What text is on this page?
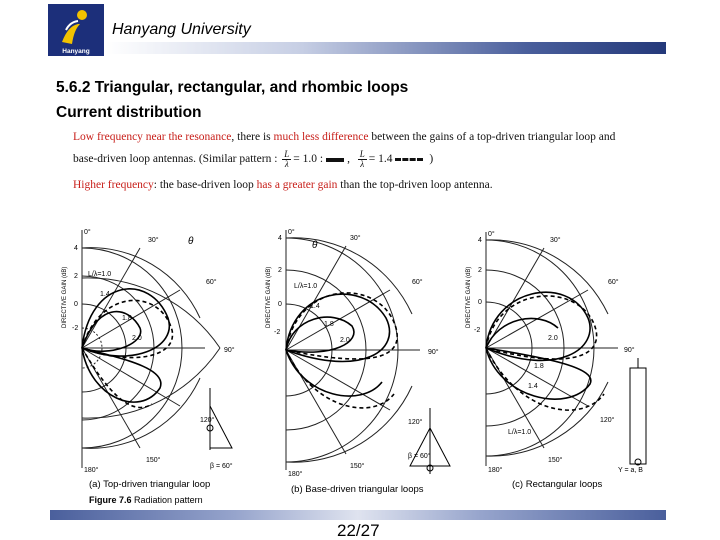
Hanyang
Hanyang University
5.6.2 Triangular, rectangular, and rhombic loops
Current distribution
Low frequency near the resonance, there is much less difference between the gains of a top-driven triangular loop and
base-driven loop antennas. (Similar pattern : $\frac{L}{\lambda} = 1.0$ : , $\frac{L}{\lambda} = 1.4$	)
Higher frequency: the base-driven loop has a greater gain than the top-driven loop antenna.
0°
30°
60°
90°
120°
150°
180°
4
2
0
-2
L/λ=1.0
1.4
1.8
2.0
θ
β = 60°
DIRECTIVE GAIN (dB)
0°
30°
60°
90°
120°
150°
180°
4
2
0
-2
L/λ=1.0
1.4
1.8
2.0
θ
β = 60°
DIRECTIVE GAIN (dB)
0°
30°
60°
90°
120°
150°
180°
4
2
0
-2
2.0
1.8
1.4
L/λ=1.0
Y = a, B
DIRECTIVE GAIN (dB)
(a) Top-driven triangular loop	(b) Base-driven triangular loops	(c) Rectangular loops
Figure 7.6 Radiation pattern
22/27
